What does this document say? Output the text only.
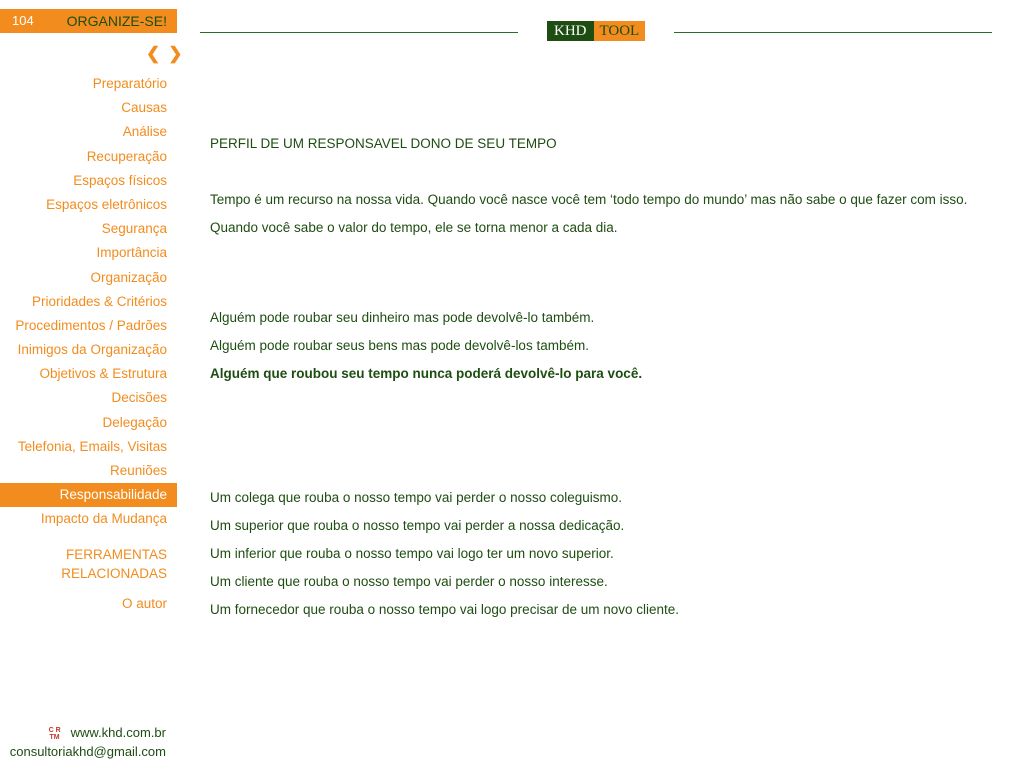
104 ORGANIZE-SE!
KHD TOOL
❮ ❯
Preparatório
Causas
Análise
Recuperação
Espaços físicos
Espaços eletrônicos
Segurança
Importância
Organização
Prioridades & Critérios
Procedimentos / Padrões
Inimigos da Organização
Objetivos & Estrutura
Decisões
Delegação
Telefonia, Emails, Visitas
Reuniões
Responsabilidade
Impacto da Mudança
FERRAMENTAS
RELACIONADAS
O autor
C R
TM www.khd.com.br
consultoriakhd@gmail.com
PERFIL DE UM RESPONSAVEL DONO DE SEU TEMPO
Tempo é um recurso na nossa vida. Quando você nasce você tem ‘todo tempo do mundo’ mas não sabe o que fazer com isso.
Quando você sabe o valor do tempo, ele se torna menor a cada dia.
Alguém pode roubar seu dinheiro mas pode devolvê-lo também.
Alguém pode roubar seus bens mas pode devolvê-los também.
Alguém que roubou seu tempo nunca poderá devolvê-lo para você.
Um colega que rouba o nosso tempo vai perder o nosso coleguismo.
Um superior que rouba o nosso tempo vai perder a nossa dedicação.
Um inferior que rouba o nosso tempo vai logo ter um novo superior.
Um cliente que rouba o nosso tempo vai perder o nosso interesse.
Um fornecedor que rouba o nosso tempo vai logo precisar de um novo cliente.
